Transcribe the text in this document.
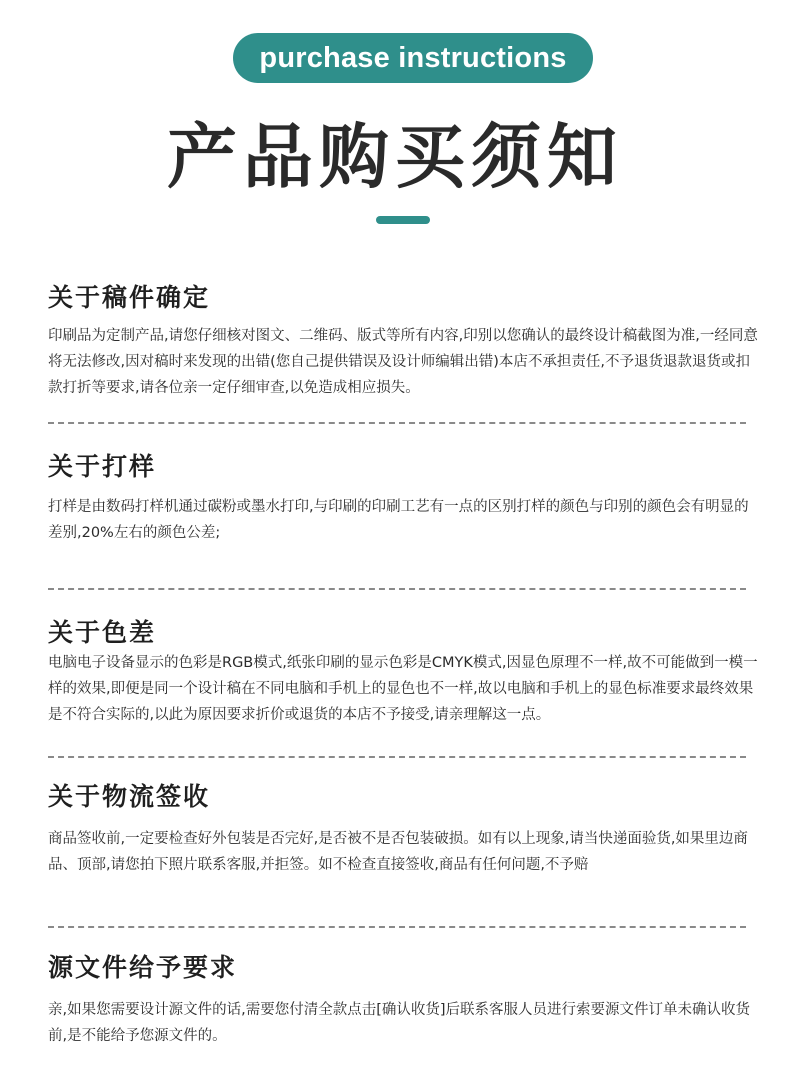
purchase instructions
产品购买须知
关于稿件确定

印刷品为定制产品,请您仔细核对图文、二维码、版式等所有内容,印别以您确认的最终设计稿截图为准,一经同意将无法修改,因对稿时来发现的出错(您自己提供错误及设计师编辑出错)本店不承担责任,不予退货退款退货或扣款打折等要求,请各位亲一定仔细审查,以免造成相应损失。

关于打样

打样是由数码打样机通过碳粉或墨水打印,与印刷的印刷工艺有一点的区别打样的颜色与印别的颜色会有明显的差别,20%左右的颜色公差;

关于色差

电脑电子设备显示的色彩是RGB模式,纸张印刷的显示色彩是CMYK模式,因显色原理不一样,故不可能做到一模一样的效果,即便是同一个设计稿在不同电脑和手机上的显色也不一样,故以电脑和手机上的显色标准要求最终效果是不符合实际的,以此为原因要求折价或退货的本店不予接受,请亲理解这一点。

关于物流签收

商品签收前,一定要检查好外包装是否完好,是否被不是否包装破损。如有以上现象,请当快递面验货,如果里边商品、顶部,请您拍下照片联系客服,并拒签。如不检查直接签收,商品有任何问题,不予赔

源文件给予要求

亲,如果您需要设计源文件的话,需要您付清全款点击[确认收货]后联系客服人员进行索要源文件订单未确认收货前,是不能给予您源文件的。
